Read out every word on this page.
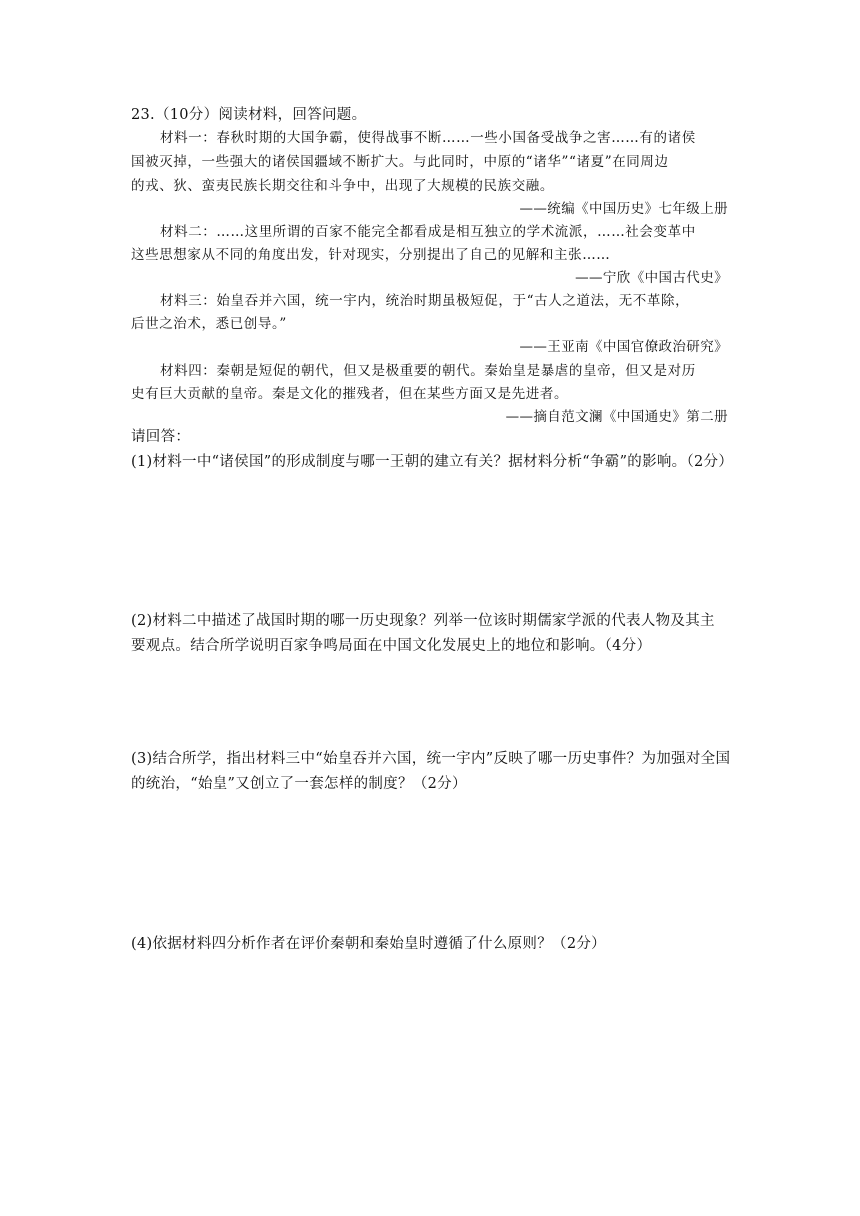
23.（10分）阅读材料，回答问题。
材料一：春秋时期的大国争霸，使得战事不断……一些小国备受战争之害……有的诸侯
国被灭掉，一些强大的诸侯国疆域不断扩大。与此同时，中原的“诸华”“诸夏”在同周边
的戎、狄、蛮夷民族长期交往和斗争中，出现了大规模的民族交融。
——统编《中国历史》七年级上册
材料二：……这里所谓的百家不能完全都看成是相互独立的学术流派，……社会变革中
这些思想家从不同的角度出发，针对现实，分别提出了自己的见解和主张……
——宁欣《中国古代史》
材料三：始皇吞并六国，统一宇内，统治时期虽极短促，于“古人之道法，无不革除，
后世之治术，悉已创导。”
——王亚南《中国官僚政治研究》
材料四：秦朝是短促的朝代，但又是极重要的朝代。秦始皇是暴虐的皇帝，但又是对历
史有巨大贡献的皇帝。秦是文化的摧残者，但在某些方面又是先进者。
——摘自范文澜《中国通史》第二册
请回答：
(1)材料一中“诸侯国”的形成制度与哪一王朝的建立有关？据材料分析“争霸”的影响。（2分）
(2)材料二中描述了战国时期的哪一历史现象？列举一位该时期儒家学派的代表人物及其主
要观点。结合所学说明百家争鸣局面在中国文化发展史上的地位和影响。（4分）
(3)结合所学，指出材料三中“始皇吞并六国，统一宇内”反映了哪一历史事件？为加强对全国
的统治，“始皇”又创立了一套怎样的制度？（2分）
(4)依据材料四分析作者在评价秦朝和秦始皇时遵循了什么原则？（2分）
